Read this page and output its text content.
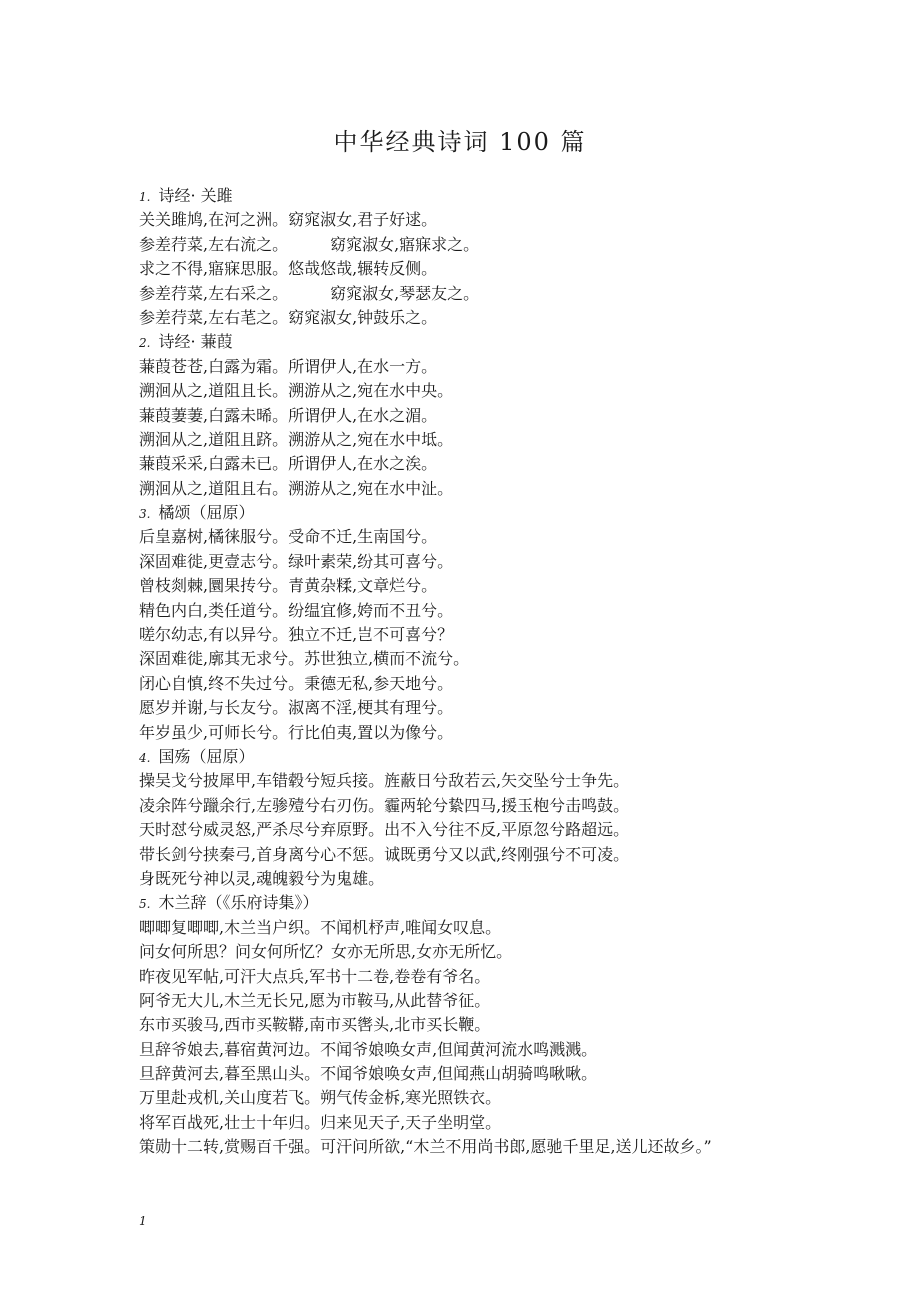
中华经典诗词 100 篇
1. 诗经· 关雎
关关雎鸠,在河之洲。窈窕淑女,君子好逑。
参差荇菜,左右流之。	窈窕淑女,寤寐求之。
求之不得,寤寐思服。悠哉悠哉,辗转反侧。
参差荇菜,左右采之。	窈窕淑女,琴瑟友之。
参差荇菜,左右芼之。窈窕淑女,钟鼓乐之。
2. 诗经· 蒹葭
蒹葭苍苍,白露为霜。所谓伊人,在水一方。
溯洄从之,道阻且长。溯游从之,宛在水中央。
蒹葭萋萋,白露未晞。所谓伊人,在水之湄。
溯洄从之,道阻且跻。溯游从之,宛在水中坻。
蒹葭采采,白露未已。所谓伊人,在水之涘。
溯洄从之,道阻且右。溯游从之,宛在水中沚。
3. 橘颂（屈原）
后皇嘉树,橘徕服兮。受命不迁,生南国兮。
深固难徙,更壹志兮。绿叶素荣,纷其可喜兮。
曾枝剡棘,圜果抟兮。青黄杂糅,文章烂兮。
精色内白,类任道兮。纷缊宜修,姱而不丑兮。
嗟尔幼志,有以异兮。独立不迁,岂不可喜兮？
深固难徙,廓其无求兮。苏世独立,横而不流兮。
闭心自慎,终不失过兮。秉德无私,参天地兮。
愿岁并谢,与长友兮。淑离不淫,梗其有理兮。
年岁虽少,可师长兮。行比伯夷,置以为像兮。
4. 国殇（屈原）
操吴戈兮披犀甲,车错毂兮短兵接。旌蔽日兮敌若云,矢交坠兮士争先。
凌余阵兮躐余行,左骖殪兮右刃伤。霾两轮兮絷四马,援玉枹兮击鸣鼓。
天时怼兮威灵怒,严杀尽兮弃原野。出不入兮往不反,平原忽兮路超远。
带长剑兮挟秦弓,首身离兮心不惩。诚既勇兮又以武,终刚强兮不可凌。
身既死兮神以灵,魂魄毅兮为鬼雄。
5. 木兰辞（《乐府诗集》）
唧唧复唧唧,木兰当户织。不闻机杼声,唯闻女叹息。
问女何所思？问女何所忆？女亦无所思,女亦无所忆。
昨夜见军帖,可汗大点兵,军书十二卷,卷卷有爷名。
阿爷无大儿,木兰无长兄,愿为市鞍马,从此替爷征。
东市买骏马,西市买鞍鞯,南市买辔头,北市买长鞭。
旦辞爷娘去,暮宿黄河边。不闻爷娘唤女声,但闻黄河流水鸣溅溅。
旦辞黄河去,暮至黑山头。不闻爷娘唤女声,但闻燕山胡骑鸣啾啾。
万里赴戎机,关山度若飞。朔气传金柝,寒光照铁衣。
将军百战死,壮士十年归。归来见天子,天子坐明堂。
策勋十二转,赏赐百千强。可汗问所欲,“木兰不用尚书郎,愿驰千里足,送儿还故乡。”
1
